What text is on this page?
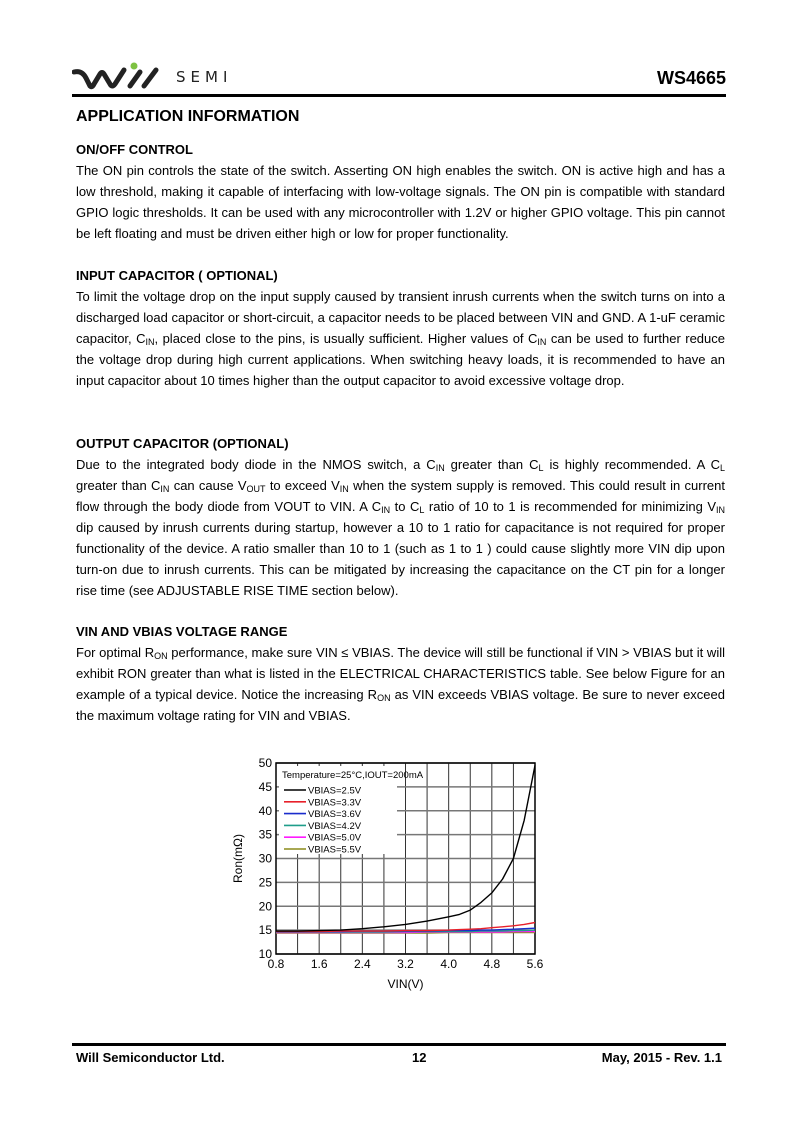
SEMI	WS4665
APPLICATION INFORMATION
ON/OFF CONTROL

The ON pin controls the state of the switch. Asserting ON high enables the switch. ON is active high and has a low threshold, making it capable of interfacing with low-voltage signals. The ON pin is compatible with standard GPIO logic thresholds. It can be used with any microcontroller with 1.2V or higher GPIO voltage. This pin cannot be left floating and must be driven either high or low for proper functionality.

INPUT CAPACITOR ( OPTIONAL)

To limit the voltage drop on the input supply caused by transient inrush currents when the switch turns on into a discharged load capacitor or short-circuit, a capacitor needs to be placed between VIN and GND. A 1-uF ceramic capacitor, $C_{IN}$, placed close to the pins, is usually sufficient. Higher values of $C_{IN}$ can be used to further reduce the voltage drop during high current applications. When switching heavy loads, it is recommended to have an input capacitor about 10 times higher than the output capacitor to avoid excessive voltage drop.

OUTPUT CAPACITOR (OPTIONAL)

Due to the integrated body diode in the NMOS switch, a $C_{IN}$ greater than $C_L$ is highly recommended. A $C_L$ greater than $C_{IN}$ can cause $V_{OUT}$ to exceed $V_{IN}$ when the system supply is removed. This could result in current flow through the body diode from VOUT to VIN. A $C_{IN}$ to $C_L$ ratio of 10 to 1 is recommended for minimizing $V_{IN}$ dip caused by inrush currents during startup, however a 10 to 1 ratio for capacitance is not required for proper functionality of the device. A ratio smaller than 10 to 1 (such as 1 to 1 ) could cause slightly more VIN dip upon turn-on due to inrush currents. This can be mitigated by increasing the capacitance on the CT pin for a longer rise time (see ADJUSTABLE RISE TIME section below).

VIN AND VBIAS VOLTAGE RANGE

For optimal $R_{ON}$ performance, make sure VIN ≤ VBIAS. The device will still be functional if VIN > VBIAS but it will exhibit RON greater than what is listed in the ELECTRICAL CHARACTERISTICS table. See below Figure for an example of a typical device. Notice the increasing $R_{ON}$ as VIN exceeds VBIAS voltage. Be sure to never exceed the maximum voltage rating for VIN and VBIAS.

10
15
20
25
30
35
40
45
50
0.8 1.6 2.4 3.2 4.0 4.8 5.6
VIN(V)
Ron(mΩ)
Temperature=25°C,IOUT=200mA
VBIAS=2.5V
VBIAS=3.3V
VBIAS=3.6V
VBIAS=4.2V
VBIAS=5.0V
VBIAS=5.5V
Will Semiconductor Ltd.	12	May, 2015 - Rev. 1.1
